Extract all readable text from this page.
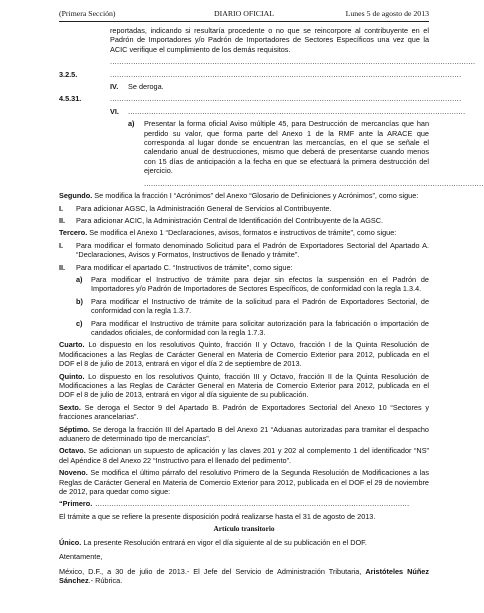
(Primera Sección)	DIARIO OFICIAL	Lunes 5 de agosto de 2013

reportadas, indicando si resultaría procedente o no que se reincorpore al contribuyente en el Padrón de Importadores y/o Padrón de Importadores de Sectores Específicos una vez que la ACIC verifique el cumplimiento de los demás requisitos.

.............................................................................................................................................................
3.2.5.	.......................................................................................................................................................
IV.	Se deroga.
4.5.31.	.......................................................................................................................................................
VI.	.................................................................................................................................................
a)	Presentar la forma oficial Aviso múltiple 45, para Destrucción de mercancías que han perdido su valor, que forma parte del Anexo 1 de la RMF ante la ARACE que corresponda al lugar donde se encuentran las mercancías, en el que se señale el calendario anual de destrucciones, mismo que deberá de presentarse cuando menos con 15 días de anticipación a la fecha en que se efectuará la primera destrucción del ejercicio.
..................................................................................................................................................

Segundo. Se modifica la fracción I “Acrónimos” del Anexo “Glosario de Definiciones y Acrónimos”, como sigue:

I.	Para adicionar AGSC, la Administración General de Servicios al Contribuyente.
II.	Para adicionar ACIC, la Administración Central de Identificación del Contribuyente de la AGSC.

Tercero. Se modifica el Anexo 1 “Declaraciones, avisos, formatos e instructivos de trámite”, como sigue:

I.	Para modificar el formato denominado Solicitud para el Padrón de Exportadores Sectorial del Apartado A. “Declaraciones, Avisos y Formatos, Instructivos de llenado y trámite”.
II.	Para modificar el apartado C. “Instructivos de trámite”, como sigue:
a)	Para modificar el Instructivo de trámite para dejar sin efectos la suspensión en el Padrón de Importadores y/o Padrón de Importadores de Sectores Específicos, de conformidad con la regla 1.3.4.
b)	Para modificar el Instructivo de trámite de la solicitud para el Padrón de Exportadores Sectorial, de conformidad con la regla 1.3.7.
c)	Para modificar el Instructivo de trámite para solicitar autorización para la fabricación o importación de candados oficiales, de conformidad con la regla 1.7.3.

Cuarto. Lo dispuesto en los resolutivos Quinto, fracción II y Octavo, fracción I de la Quinta Resolución de Modificaciones a las Reglas de Carácter General en Materia de Comercio Exterior para 2012, publicada en el DOF el 8 de julio de 2013, entrará en vigor el día 2 de septiembre de 2013.

Quinto. Lo dispuesto en los resolutivos Quinto, fracción III y Octavo, fracción II de la Quinta Resolución de Modificaciones a las Reglas de Carácter General en Materia de Comercio Exterior para 2012, publicada en el DOF el 8 de julio de 2013, entrará en vigor al día siguiente de su publicación.

Sexto. Se deroga el Sector 9 del Apartado B. Padrón de Exportadores Sectorial del Anexo 10 “Sectores y fracciones arancelarias”.

Séptimo. Se deroga la fracción III del Apartado B del Anexo 21 “Aduanas autorizadas para tramitar el despacho aduanero de determinado tipo de mercancías”.

Octavo. Se adicionan un supuesto de aplicación y las claves 201 y 202 al complemento 1 del identificador “NS” del Apéndice 8 del Anexo 22 “Instructivo para el llenado del pedimento”.

Noveno. Se modifica el último párrafo del resolutivo Primero de la Segunda Resolución de Modificaciones a las Reglas de Carácter General en Materia de Comercio Exterior para 2012, publicada en el DOF el 29 de noviembre de 2012, para quedar como sigue:

“Primero. .......................................................................................................................................

El trámite a que se refiere la presente disposición podrá realizarse hasta el 31 de agosto de 2013.

Artículo transitorio

Único. La presente Resolución entrará en vigor el día siguiente al de su publicación en el DOF.

Atentamente,

México, D.F., a 30 de julio de 2013.- El Jefe del Servicio de Administración Tributaria, Aristóteles Núñez Sánchez.- Rúbrica.
